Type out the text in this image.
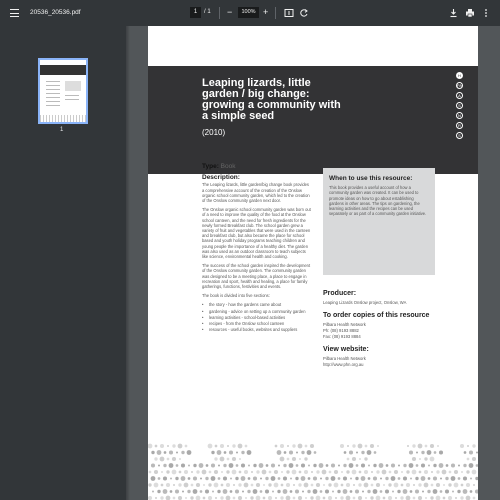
20536_20536.pdf	1	/ 1 −	100% +
1
Leaping lizards, little garden / big change: growing a community with a simple seed
(2010)
H
PA
A
S
N
R
S
Type: Book
Description:

The Leaping lizards, little garden/big change book provides a comprehensive account of the creation of the Onslow organic school community garden, which led to the creation of the Onslow community garden next door.

The Onslow organic school community garden was born out of a need to improve the quality of the food at the Onslow school canteen, and the need for fresh ingredients for the newly formed Breakfast club. The school garden grew a variety of fruit and vegetables that were used in the canteen and breakfast club, but also became the place for school based and youth holiday programs teaching children and young people the importance of a healthy diet. The garden was also used as an outdoor classroom to teach subjects like science, environmental health and cooking.

The success of the school garden inspired the development of the Onslow community garden. The community garden was designed to be a meeting place, a place to engage in recreation and sport, health and healing, a place for family gatherings, functions, festivities and events.

The book is divided into five sections:

• the story - how the gardens came about
• gardening - advice on setting up a community garden
• learning activities - school-based activities
• recipes - from the Onslow school canteen
• resources - useful books, websites and suppliers
When to use this resource:
This book provides a useful account of how a community garden was created. It can be used to promote ideas on how to go about establishing gardens in other areas. The tips on gardening, the learning activities and the recipes can be used separately or as part of a community garden initiative.
Producer:
Leaping Lizards Onslow project, Onslow, WA
To order copies of this resource
Pilbara Health Network
Ph: (08) 9193 8882
Fax: (08) 9193 8884
View website:
Pilbara Health Network
http://www.phn.org.au
